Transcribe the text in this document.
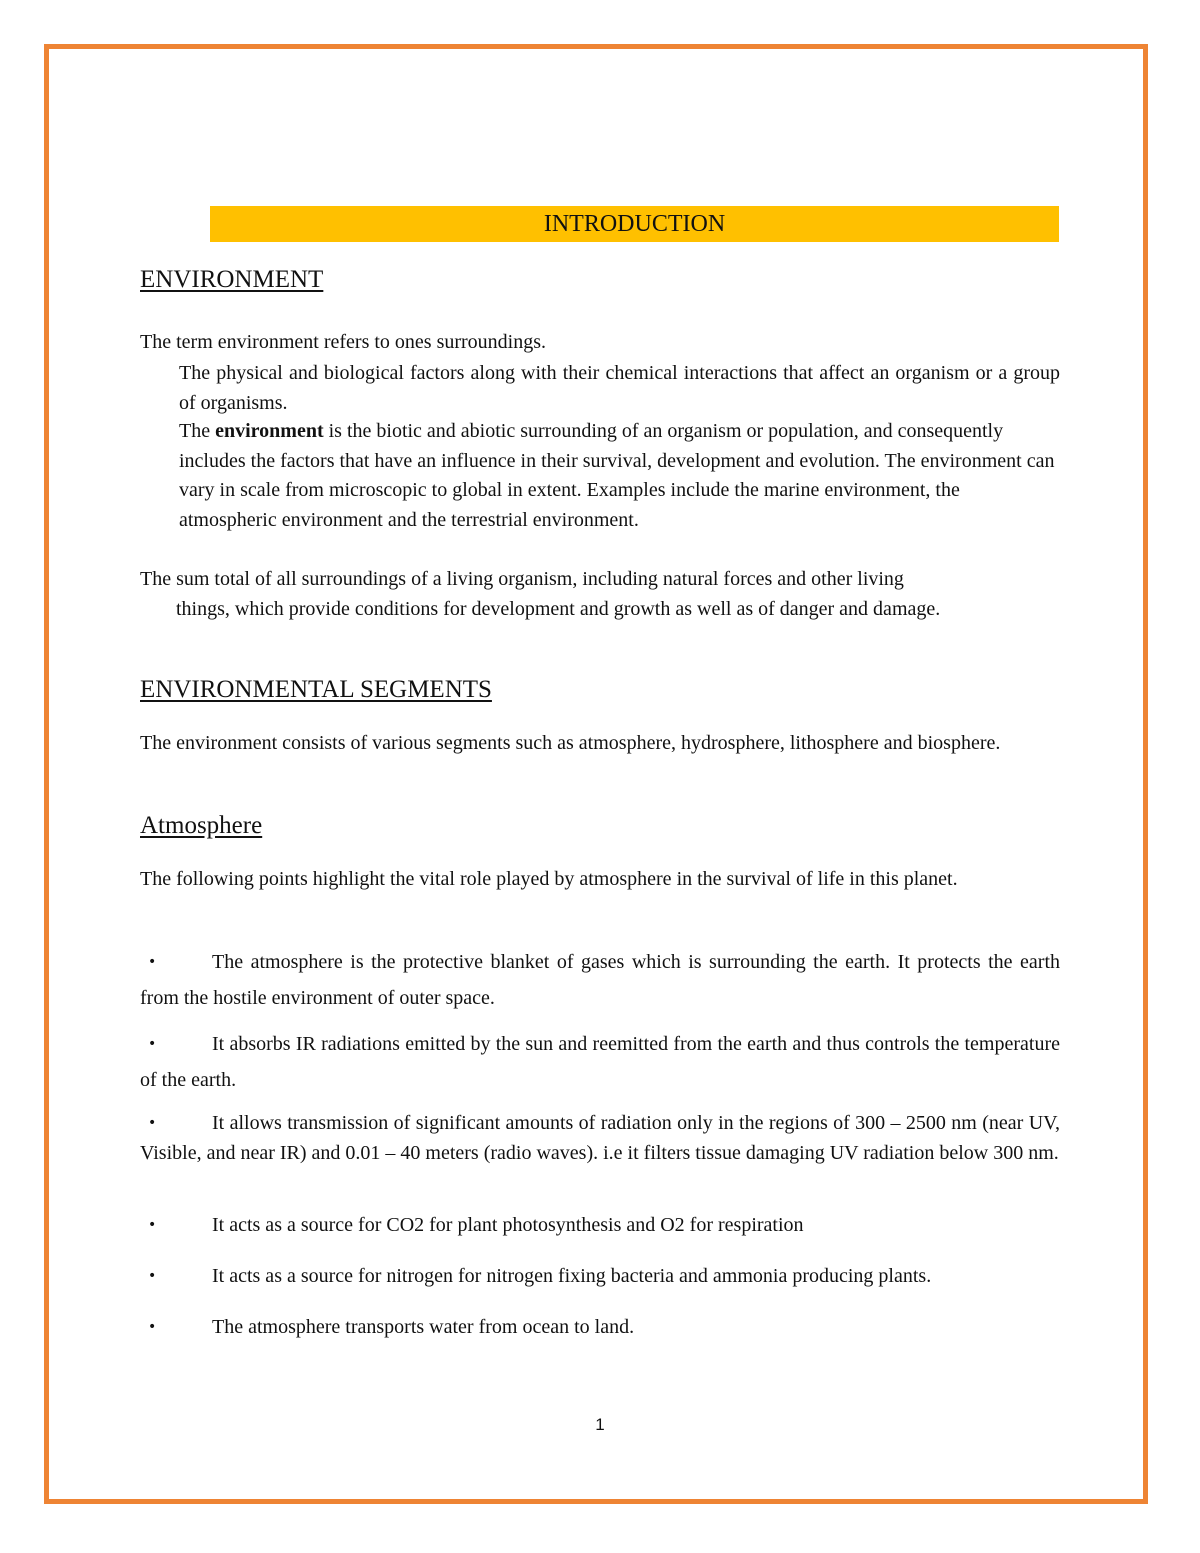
INTRODUCTION
ENVIRONMENT

The term environment refers to ones surroundings.

The physical and biological factors along with their chemical interactions that affect an organism or a group of organisms.

The environment is the biotic and abiotic surrounding of an organism or population, and consequently includes the factors that have an influence in their survival, development and evolution. The environment can vary in scale from microscopic to global in extent. Examples include the marine environment, the atmospheric environment and the terrestrial environment.

The sum total of all surroundings of a living organism, including natural forces and other living
things, which provide conditions for development and growth as well as of danger and damage.

ENVIRONMENTAL SEGMENTS

The environment consists of various segments such as atmosphere, hydrosphere, lithosphere and biosphere.

Atmosphere

The following points highlight the vital role played by atmosphere in the survival of life in this planet.

•	The atmosphere is the protective blanket of gases which is surrounding the earth. It protects the earth from the hostile environment of outer space.
•	It absorbs IR radiations emitted by the sun and reemitted from the earth and thus controls the temperature of the earth.
•	It allows transmission of significant amounts of radiation only in the regions of 300 – 2500 nm (near UV, Visible, and near IR) and 0.01 – 40 meters (radio waves). i.e it filters tissue damaging UV radiation below 300 nm.
•	It acts as a source for CO2 for plant photosynthesis and O2 for respiration
•	It acts as a source for nitrogen for nitrogen fixing bacteria and ammonia producing plants.
•	The atmosphere transports water from ocean to land.
1
